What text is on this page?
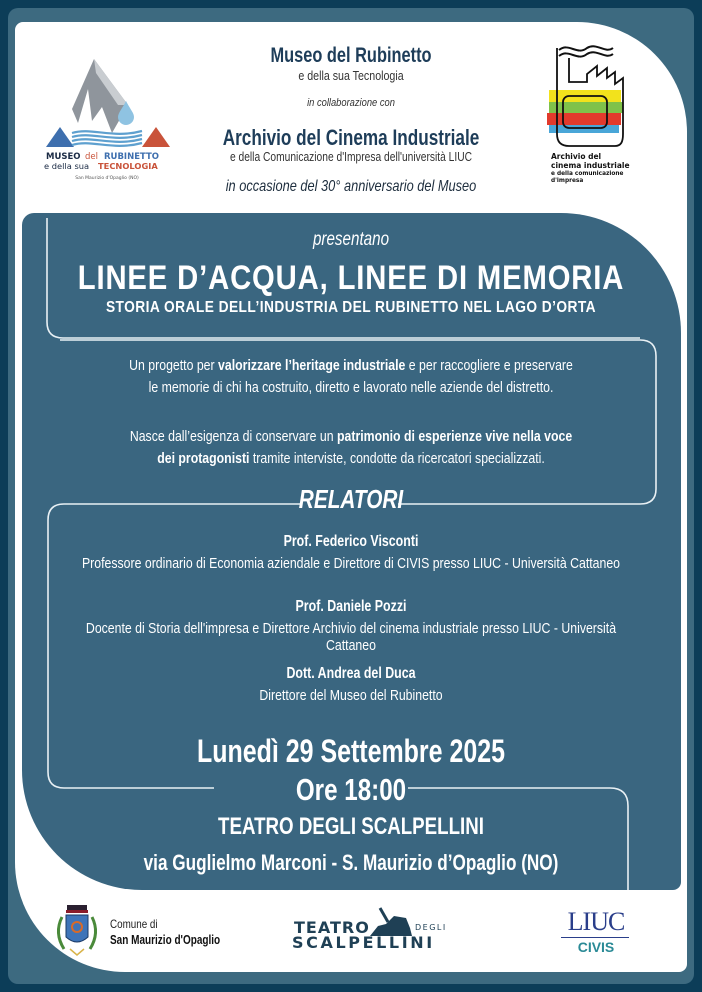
MUSEO del RUBINETTO
e della sua TECNOLOGIA
San Maurizio d'Opaglio (NO)
Museo del Rubinetto
e della sua Tecnologia
in collaborazione con
Archivio del Cinema Industriale
e della Comunicazione d'Impresa dell'università LIUC
in occasione del 30° anniversario del Museo
Archivio del
cinema industriale
e della comunicazione
d'impresa
presentano
LINEE D’ACQUA, LINEE DI MEMORIA
STORIA ORALE DELL’INDUSTRIA DEL RUBINETTO NEL LAGO D’ORTA
Un progetto per valorizzare l’heritage industriale e per raccogliere e preservare
le memorie di chi ha costruito, diretto e lavorato nelle aziende del distretto.
Nasce dall’esigenza di conservare un patrimonio di esperienze vive nella voce
dei protagonisti tramite interviste, condotte da ricercatori specializzati.
RELATORI
Prof. Federico Visconti
Professore ordinario di Economia aziendale e Direttore di CIVIS presso LIUC - Università Cattaneo
Prof. Daniele Pozzi
Docente di Storia dell'impresa e Direttore Archivio del cinema industriale presso LIUC - Università Cattaneo
Dott. Andrea del Duca
Direttore del Museo del Rubinetto
Lunedì 29 Settembre 2025
Ore 18:00
TEATRO DEGLI SCALPELLINI
via Guglielmo Marconi - S. Maurizio d’Opaglio (NO)
Comune di
San Maurizio d'Opaglio
TEATRO	DEGLI
SCALPELLINI
LIUC
CIVIS
